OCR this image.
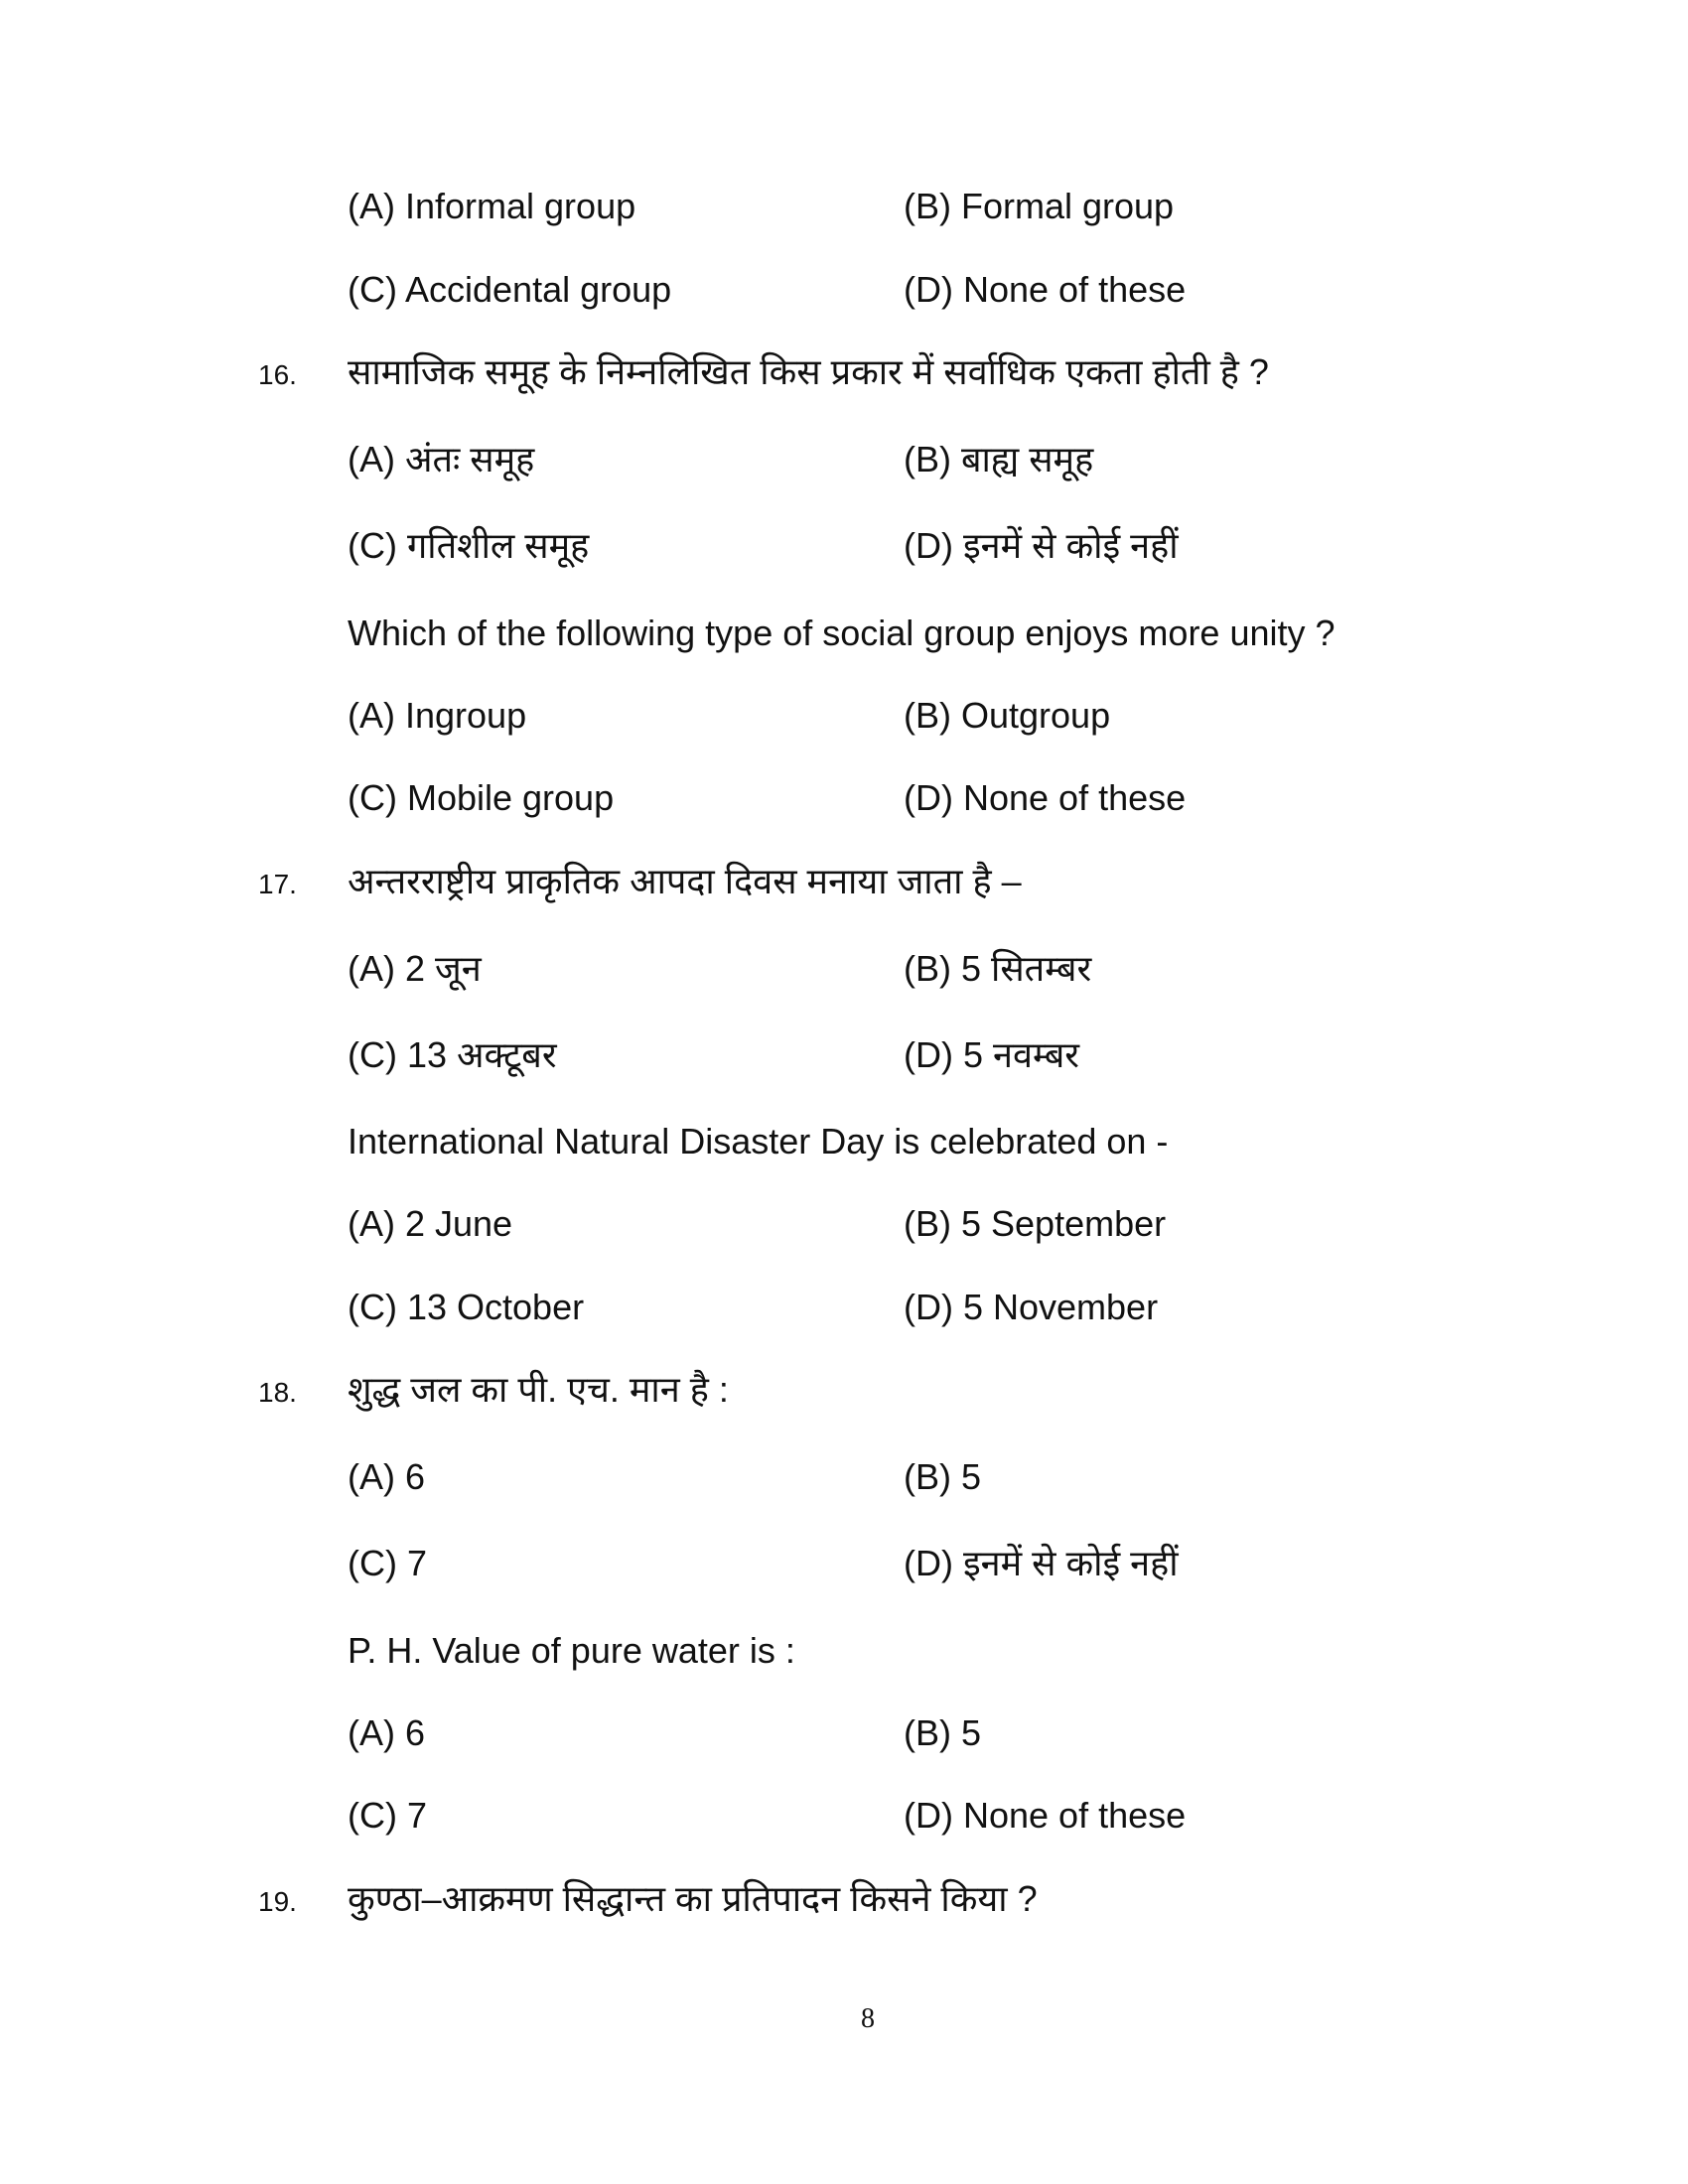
(A) Informal group	(B) Formal group
(C) Accidental group	(D) None of these
16. सामाजिक समूह के निम्नलिखित किस प्रकार में सर्वाधिक एकता होती है ?
(A) अंतः समूह	(B) बाह्य समूह
(C) गतिशील समूह	(D) इनमें से कोई नहीं
Which of the following type of social group enjoys more unity ?
(A) Ingroup	(B) Outgroup
(C) Mobile group	(D) None of these
17. अन्तरराष्ट्रीय प्राकृतिक आपदा दिवस मनाया जाता है –
(A) 2 जून	(B) 5 सितम्बर
(C) 13 अक्टूबर	(D) 5 नवम्बर
International Natural Disaster Day is celebrated on -
(A) 2 June	(B) 5 September
(C) 13 October	(D) 5 November
18. शुद्ध जल का पी. एच. मान है :
(A) 6	(B) 5
(C) 7	(D) इनमें से कोई नहीं
P. H. Value of pure water is :
(A) 6	(B) 5
(C) 7	(D) None of these
19. कुण्ठा–आक्रमण सिद्धान्त का प्रतिपादन किसने किया ?
8
